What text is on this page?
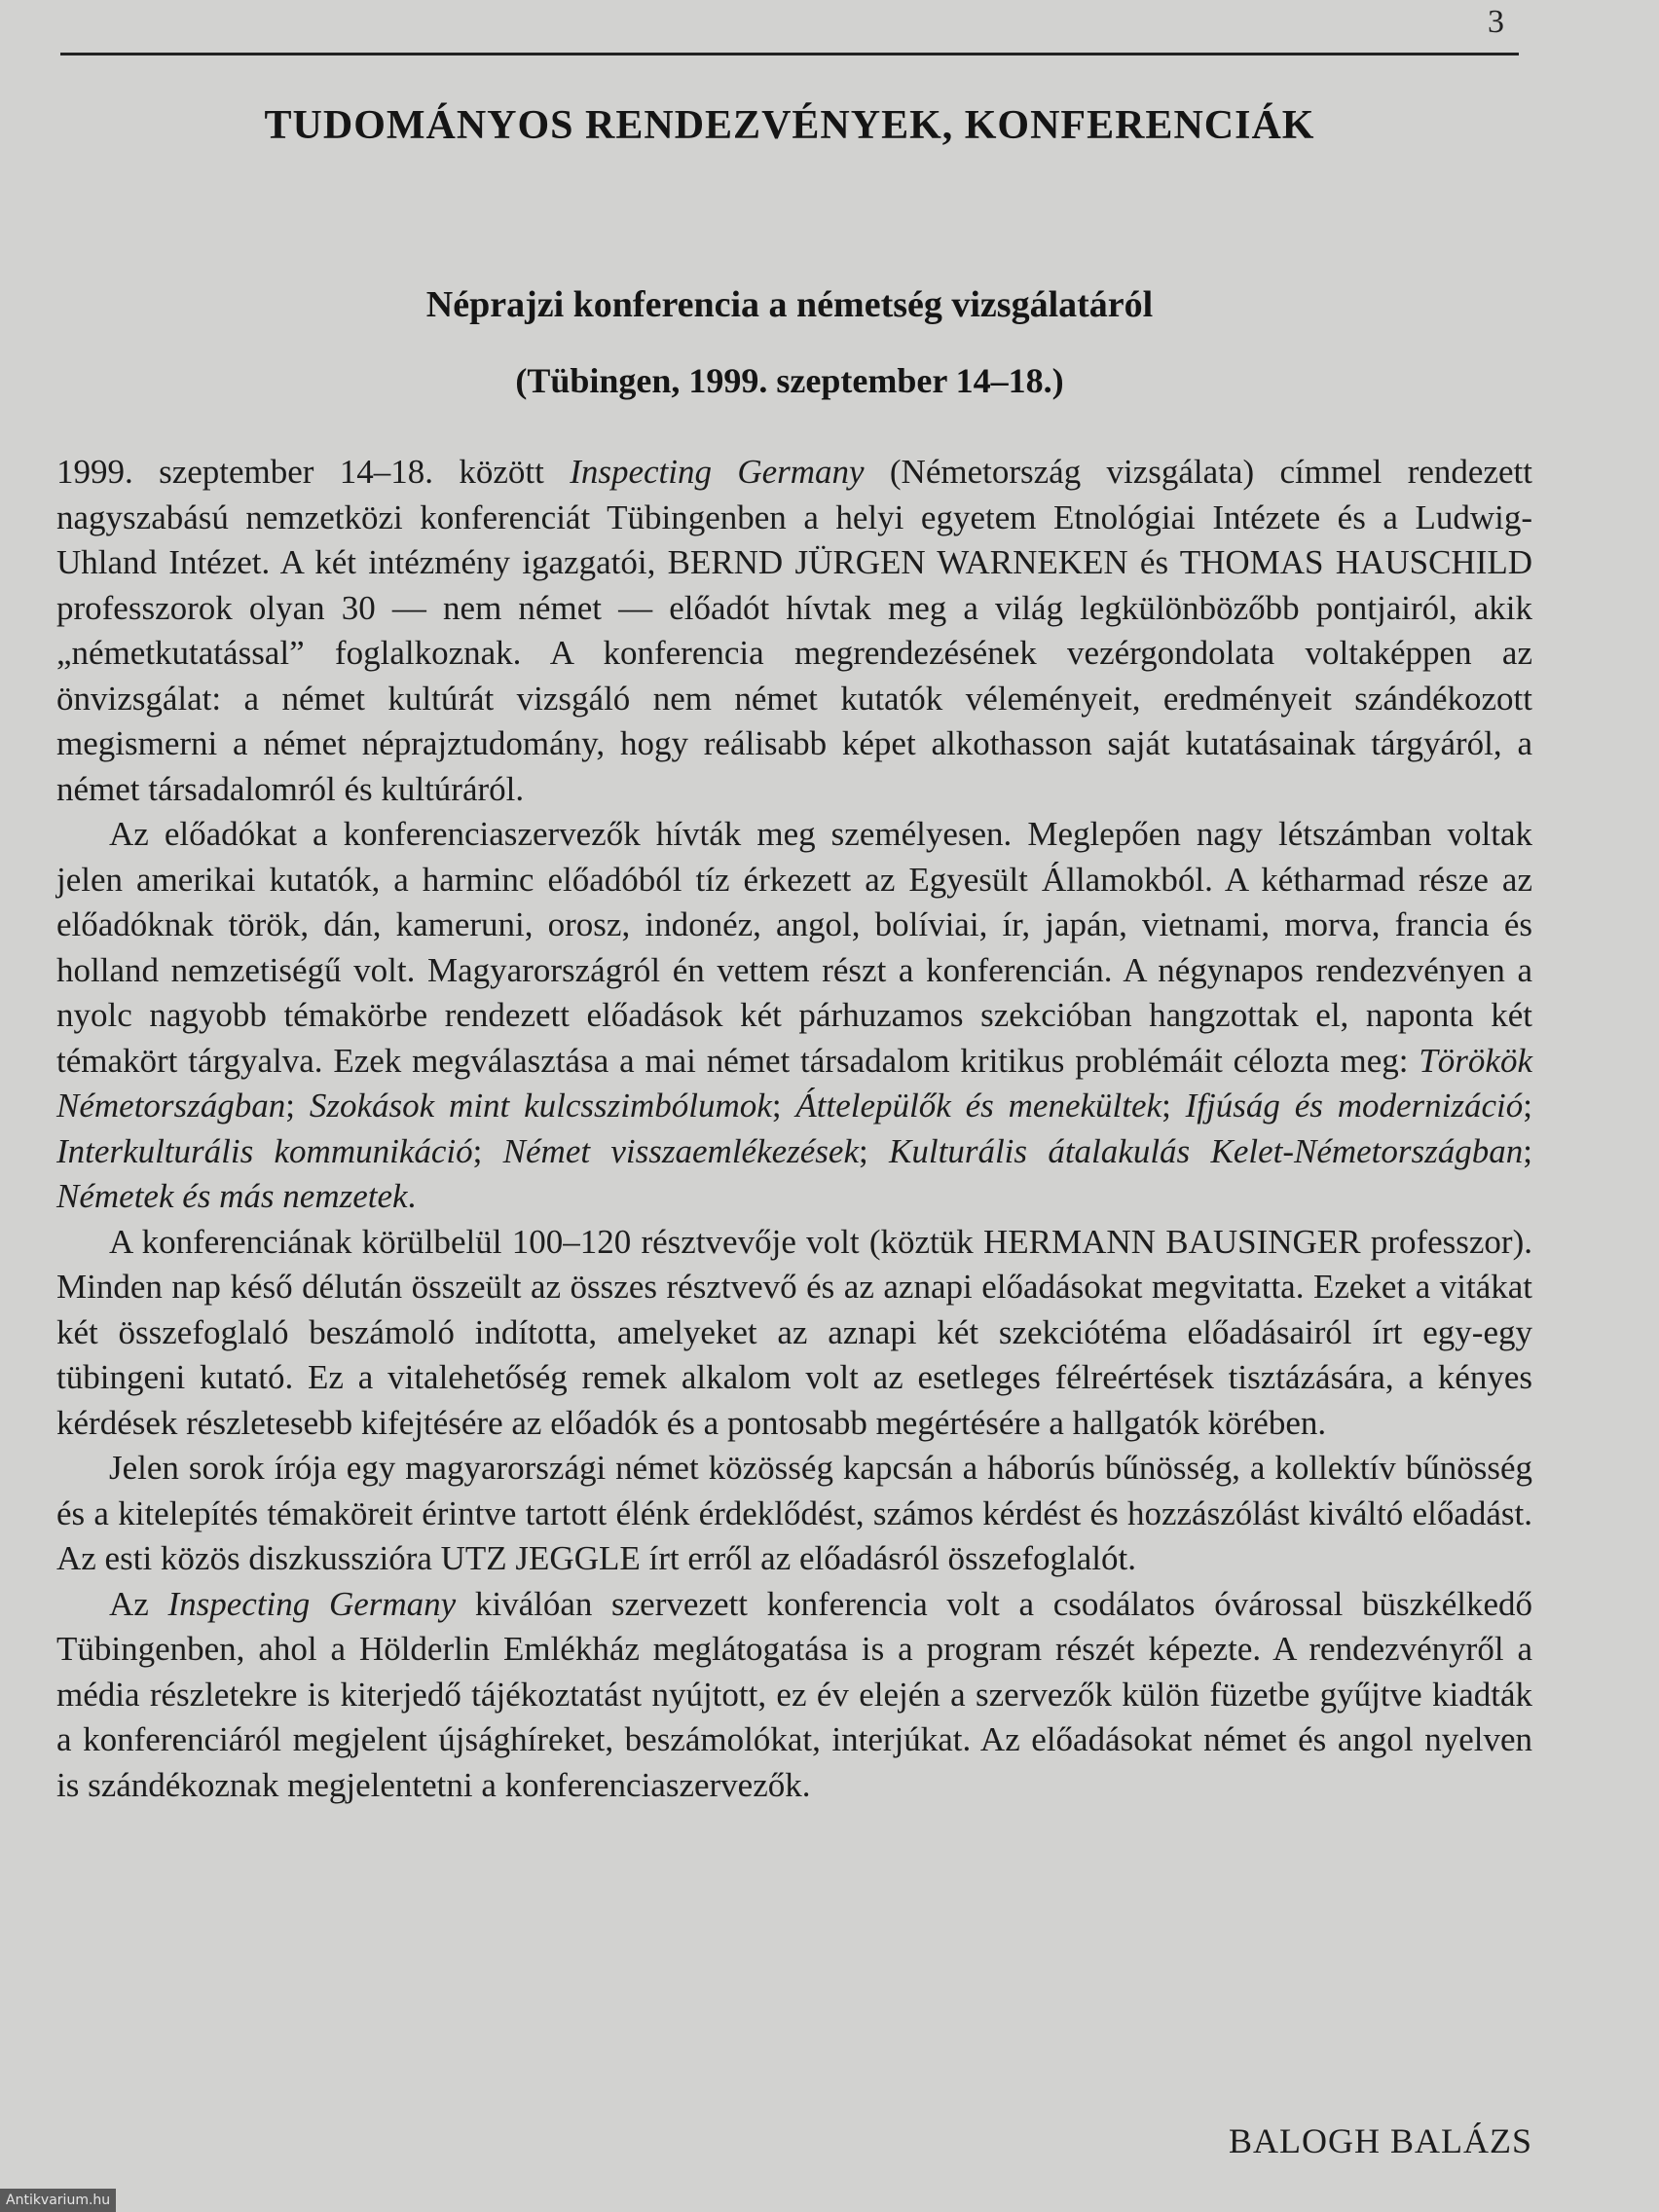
3
TUDOMÁNYOS RENDEZVÉNYEK, KONFERENCIÁK
Néprajzi konferencia a németség vizsgálatáról
(Tübingen, 1999. szeptember 14–18.)

1999. szeptember 14–18. között Inspecting Germany (Németország vizsgálata) címmel rendezett nagyszabású nemzetközi konferenciát Tübingenben a helyi egyetem Etnológiai Intézete és a Ludwig-Uhland Intézet. A két intézmény igazgatói, BERND JÜRGEN WARNEKEN és THOMAS HAUSCHILD professzorok olyan 30 — nem német — előadót hívtak meg a világ legkülönbözőbb pontjairól, akik „németkutatással” foglalkoznak. A konferencia megrendezésének vezérgondolata voltaképpen az önvizsgálat: a német kultúrát vizsgáló nem német kutatók véleményeit, eredményeit szándékozott megismerni a német néprajztudomány, hogy reálisabb képet alkothasson saját kutatásainak tárgyáról, a német társadalomról és kultúráról.

Az előadókat a konferenciaszervezők hívták meg személyesen. Meglepően nagy létszámban voltak jelen amerikai kutatók, a harminc előadóból tíz érkezett az Egyesült Államokból. A kétharmad része az előadóknak török, dán, kameruni, orosz, indonéz, angol, bolíviai, ír, japán, vietnami, morva, francia és holland nemzetiségű volt. Magyarországról én vettem részt a konferencián. A négynapos rendezvényen a nyolc nagyobb témakörbe rendezett előadások két párhuzamos szekcióban hangzottak el, naponta két témakört tárgyalva. Ezek megválasztása a mai német társadalom kritikus problémáit célozta meg: Törökök Németországban; Szokások mint kulcsszimbólumok; Áttelepülők és menekültek; Ifjúság és modernizáció; Interkulturális kommunikáció; Német visszaemlékezések; Kulturális átalakulás Kelet-Németországban; Németek és más nemzetek.

A konferenciának körülbelül 100–120 résztvevője volt (köztük HERMANN BAUSINGER professzor). Minden nap késő délután összeült az összes résztvevő és az aznapi előadásokat megvitatta. Ezeket a vitákat két összefoglaló beszámoló indította, amelyeket az aznapi két szekciótéma előadásairól írt egy-egy tübingeni kutató. Ez a vitalehetőség remek alkalom volt az esetleges félreértések tisztázására, a kényes kérdések részletesebb kifejtésére az előadók és a pontosabb megértésére a hallgatók körében.

Jelen sorok írója egy magyarországi német közösség kapcsán a háborús bűnösség, a kollektív bűnösség és a kitelepítés témaköreit érintve tartott élénk érdeklődést, számos kérdést és hozzászólást kiváltó előadást. Az esti közös diszkusszióra UTZ JEGGLE írt erről az előadásról összefoglalót.

Az Inspecting Germany kiválóan szervezett konferencia volt a csodálatos óvárossal büszkélkedő Tübingenben, ahol a Hölderlin Emlékház meglátogatása is a program részét képezte. A rendezvényről a média részletekre is kiterjedő tájékoztatást nyújtott, ez év elején a szervezők külön füzetbe gyűjtve kiadták a konferenciáról megjelent újsághíreket, beszámolókat, interjúkat. Az előadásokat német és angol nyelven is szándékoznak megjelentetni a konferenciaszervezők.

BALOGH BALÁZS
Antikvarium.hu
